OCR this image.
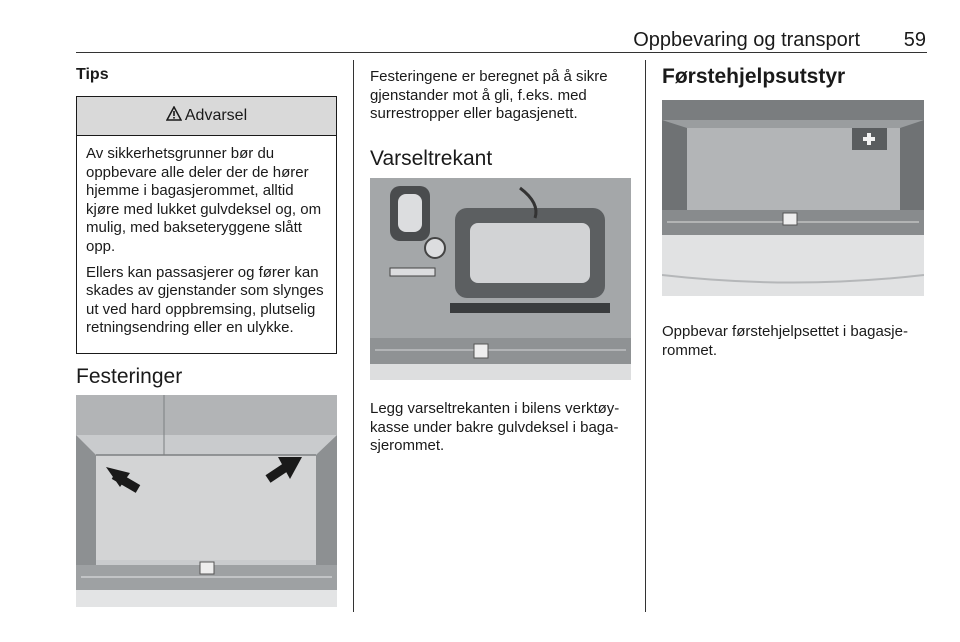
Oppbevaring og transport	59
Tips
Advarsel

Av sikkerhetsgrunner bør du oppbevare alle deler der de hører hjemme i bagasjerommet, alltid kjøre med lukket gulvdeksel og, om mulig, med bakseteryggene slått opp.

Ellers kan passasjerer og fører kan skades av gjenstander som slynges ut ved hard oppbremsing, plutselig retningsendring eller en ulykke.

Festeringer
Festeringene er beregnet på å sikre gjenstander mot å gli, f.eks. med surrestropper eller bagasjenett.
Varseltrekant
Legg varseltrekanten i bilens verktøy-kasse under bakre gulvdeksel i baga-sjerommet.
Førstehjelpsutstyr
Oppbevar førstehjelpsettet i bagasje-rommet.
